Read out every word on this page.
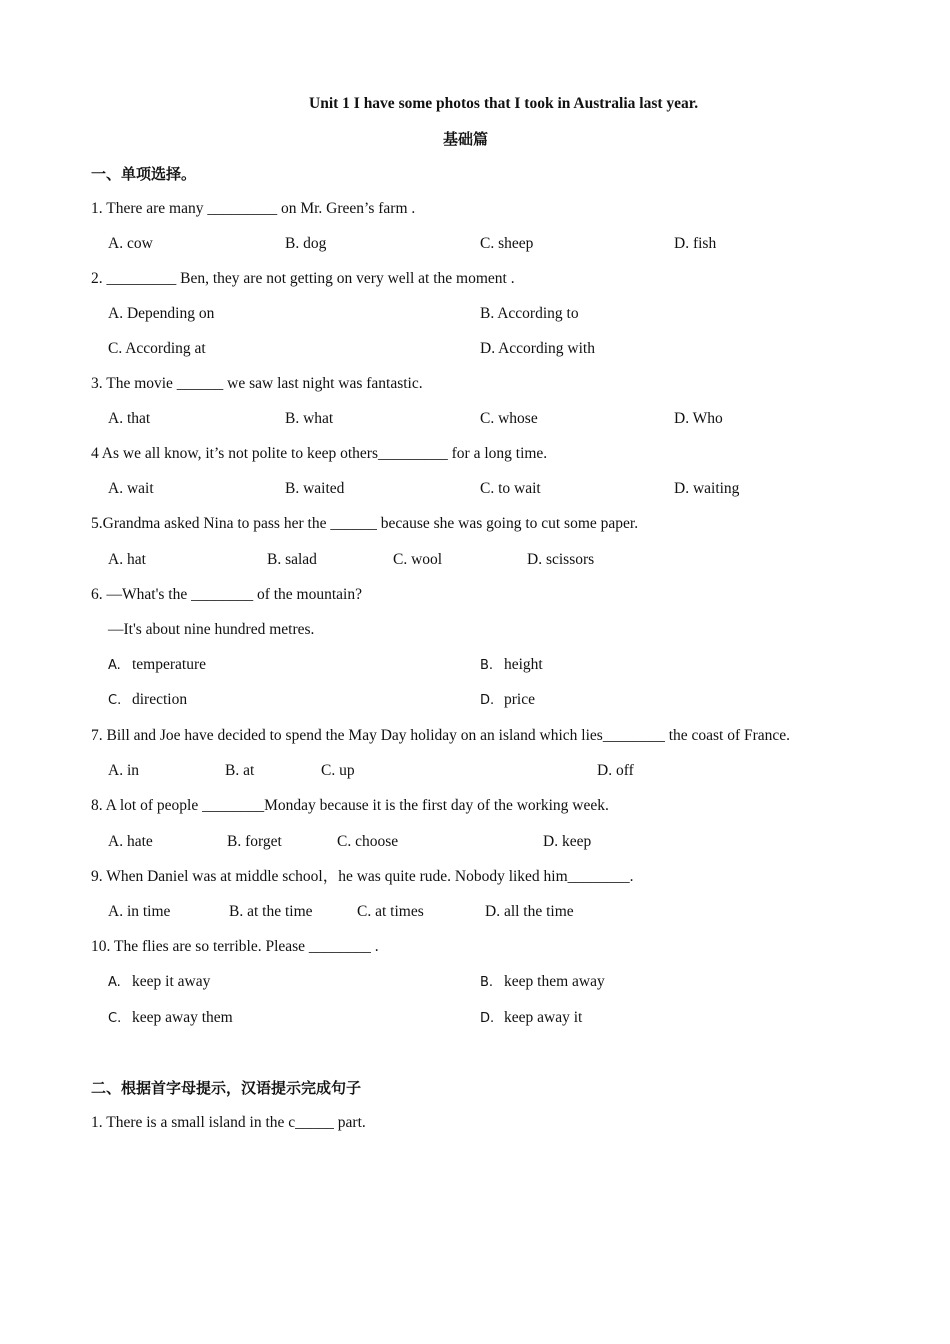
Unit 1 I have some photos that I took in Australia last year.
基础篇
一、单项选择。
1. There are many _________ on Mr. Green’s farm .
A. cow	B. dog	C. sheep	D. fish
2. _________ Ben, they are not getting on very well at the moment .
A. Depending on	B. According to
C. According at	D. According with
3. The movie ______ we saw last night was fantastic.
A. that	B. what	C. whose	D. Who
4 As we all know, it’s not polite to keep others_________ for a long time.
A. wait	B. waited	C. to wait	D. waiting
5.Grandma asked Nina to pass her the ______ because she was going to cut some paper.
A. hat	B. salad	C. wool	D. scissors
6. —What's the ________ of the mountain?
—It's about nine hundred metres.
A. temperature	B. height
C. direction	D. price
7. Bill and Joe have decided to spend the May Day holiday on an island which lies________ the coast of France.
A. in	B. at	C. up	D. off
8. A lot of people ________Monday because it is the first day of the working week.
A. hate	B. forget	C. choose	D. keep
9. When Daniel was at middle school，he was quite rude. Nobody liked him________.
A. in time	B. at the time	C. at times	D. all the time
10. The flies are so terrible. Please ________ .
A. keep it away	B. keep them away
C. keep away them	D. keep away it
二、根据首字母提示，汉语提示完成句子
1. There is a small island in the c_____ part.
